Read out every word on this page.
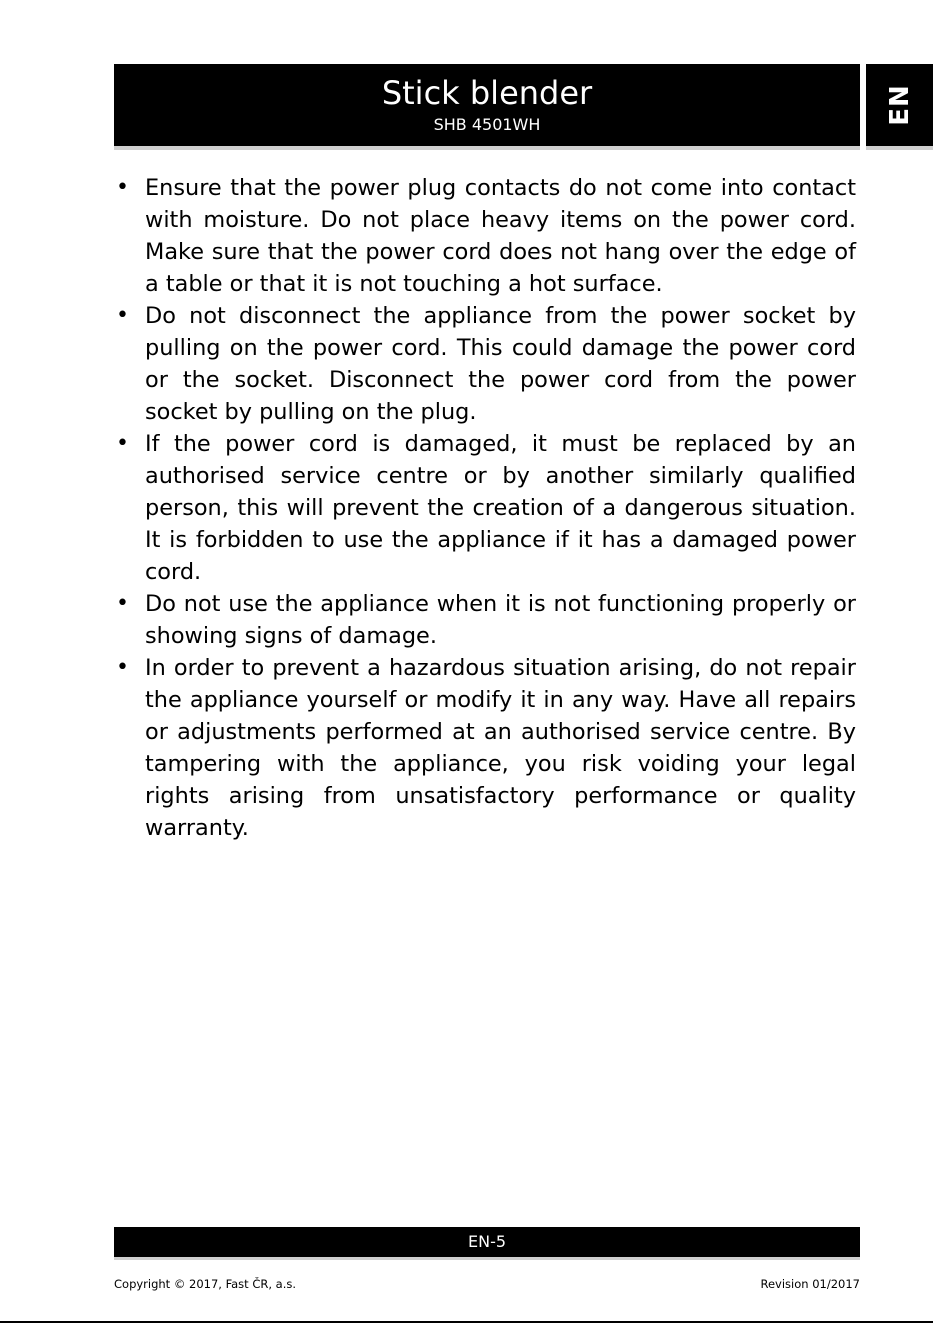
Stick blender
SHB 4501WH	EN
• Ensure that the power plug contacts do not come into contact with moisture. Do not place heavy items on the power cord. Make sure that the power cord does not hang over the edge of a table or that it is not touching a hot surface.
• Do not disconnect the appliance from the power socket by pulling on the power cord. This could damage the power cord or the socket. Disconnect the power cord from the power socket by pulling on the plug.
• If the power cord is damaged, it must be replaced by an authorised service centre or by another similarly qualified person, this will prevent the creation of a dangerous situation. It is forbidden to use the appliance if it has a damaged power cord.
• Do not use the appliance when it is not functioning properly or showing signs of damage.
• In order to prevent a hazardous situation arising, do not repair the appliance yourself or modify it in any way. Have all repairs or adjustments performed at an authorised service centre. By tampering with the appliance, you risk voiding your legal rights arising from unsatisfactory performance or quality warranty.
EN-5
Copyright © 2017, Fast ČR, a.s.	Revision 01/2017
